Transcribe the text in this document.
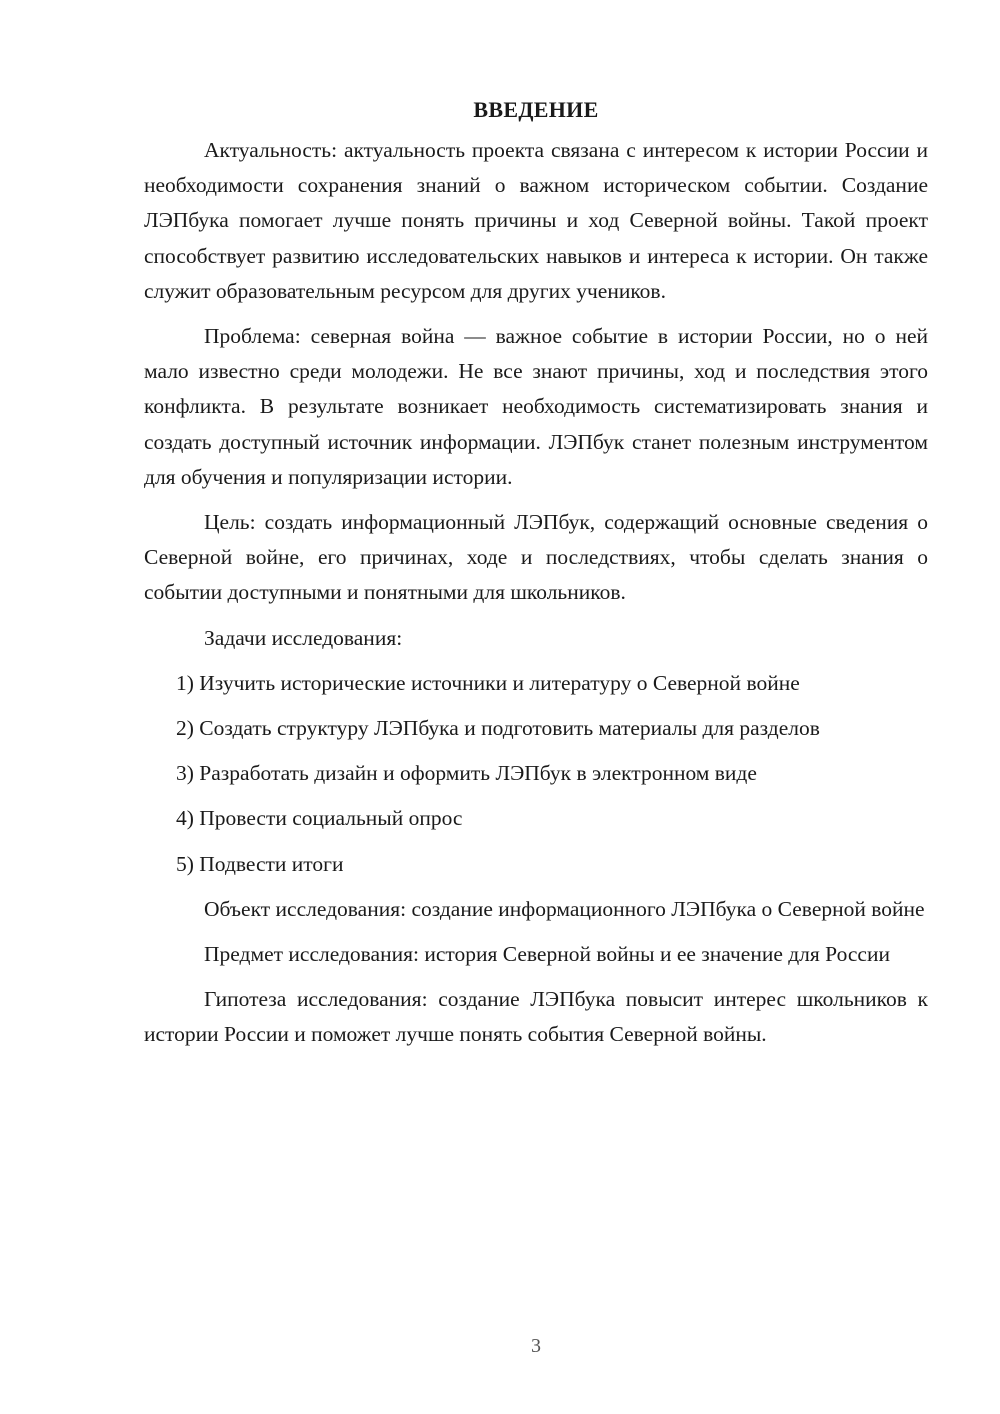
ВВЕДЕНИЕ

Актуальность: актуальность проекта связана с интересом к истории России и необходимости сохранения знаний о важном историческом событии. Создание ЛЭПбука помогает лучше понять причины и ход Северной войны. Такой проект способствует развитию исследовательских навыков и интереса к истории. Он также служит образовательным ресурсом для других учеников.

Проблема: северная война — важное событие в истории России, но о ней мало известно среди молодежи. Не все знают причины, ход и последствия этого конфликта. В результате возникает необходимость систематизировать знания и создать доступный источник информации. ЛЭПбук станет полезным инструментом для обучения и популяризации истории.

Цель: создать информационный ЛЭПбук, содержащий основные сведения о Северной войне, его причинах, ходе и последствиях, чтобы сделать знания о событии доступными и понятными для школьников.

Задачи исследования:

1) Изучить исторические источники и литературу о Северной войне

2) Создать структуру ЛЭПбука и подготовить материалы для разделов

3) Разработать дизайн и оформить ЛЭПбук в электронном виде

4) Провести социальный опрос

5) Подвести итоги

Объект исследования: создание информационного ЛЭПбука о Северной войне

Предмет исследования: история Северной войны и ее значение для России

Гипотеза исследования: создание ЛЭПбука повысит интерес школьников к истории России и поможет лучше понять события Северной войны.

3
